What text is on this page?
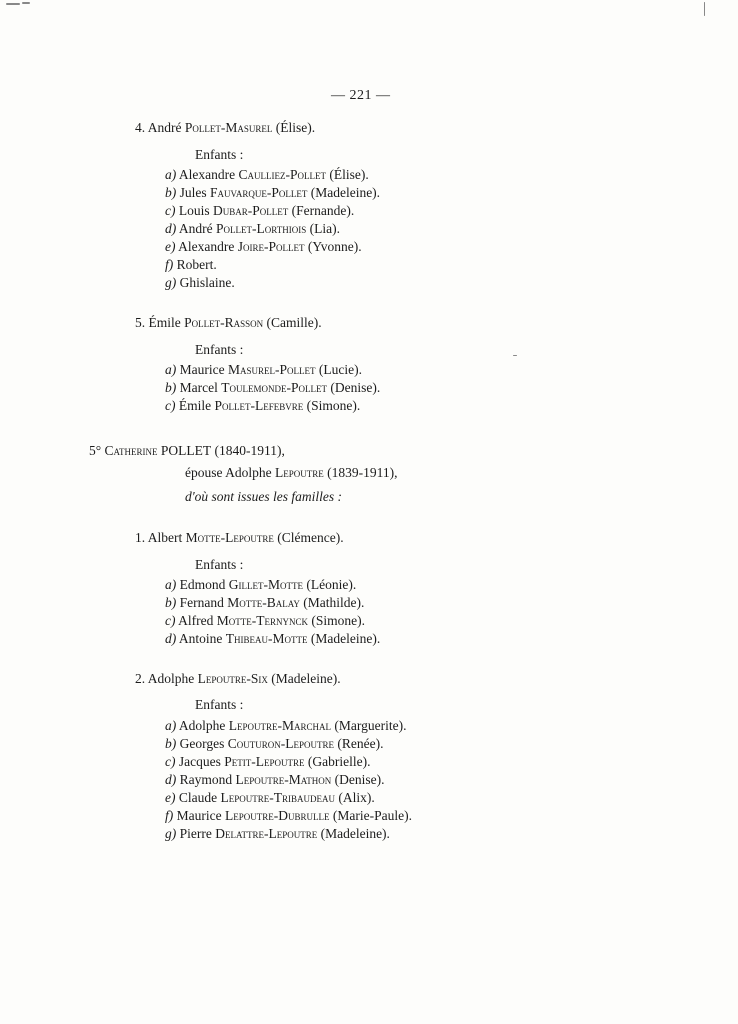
— 221 —
4. André Pollet-Masurel (Élise).
Enfants :
a) Alexandre Caulliez-Pollet (Élise).
b) Jules Fauvarque-Pollet (Madeleine).
c) Louis Dubar-Pollet (Fernande).
d) André Pollet-Lorthiois (Lia).
e) Alexandre Joire-Pollet (Yvonne).
f) Robert.
g) Ghislaine.
5. Émile Pollet-Rasson (Camille).
Enfants :
a) Maurice Masurel-Pollet (Lucie).
b) Marcel Toulemonde-Pollet (Denise).
c) Émile Pollet-Lefebvre (Simone).
5° Catherine POLLET (1840-1911),
épouse Adolphe Lepoutre (1839-1911),
d'où sont issues les familles :
1. Albert Motte-Lepoutre (Clémence).
Enfants :
a) Edmond Gillet-Motte (Léonie).
b) Fernand Motte-Balay (Mathilde).
c) Alfred Motte-Ternynck (Simone).
d) Antoine Thibeau-Motte (Madeleine).
2. Adolphe Lepoutre-Six (Madeleine).
Enfants :
a) Adolphe Lepoutre-Marchal (Marguerite).
b) Georges Couturon-Lepoutre (Renée).
c) Jacques Petit-Lepoutre (Gabrielle).
d) Raymond Lepoutre-Mathon (Denise).
e) Claude Lepoutre-Tribaudeau (Alix).
f) Maurice Lepoutre-Dubrulle (Marie-Paule).
g) Pierre Delattre-Lepoutre (Madeleine).
